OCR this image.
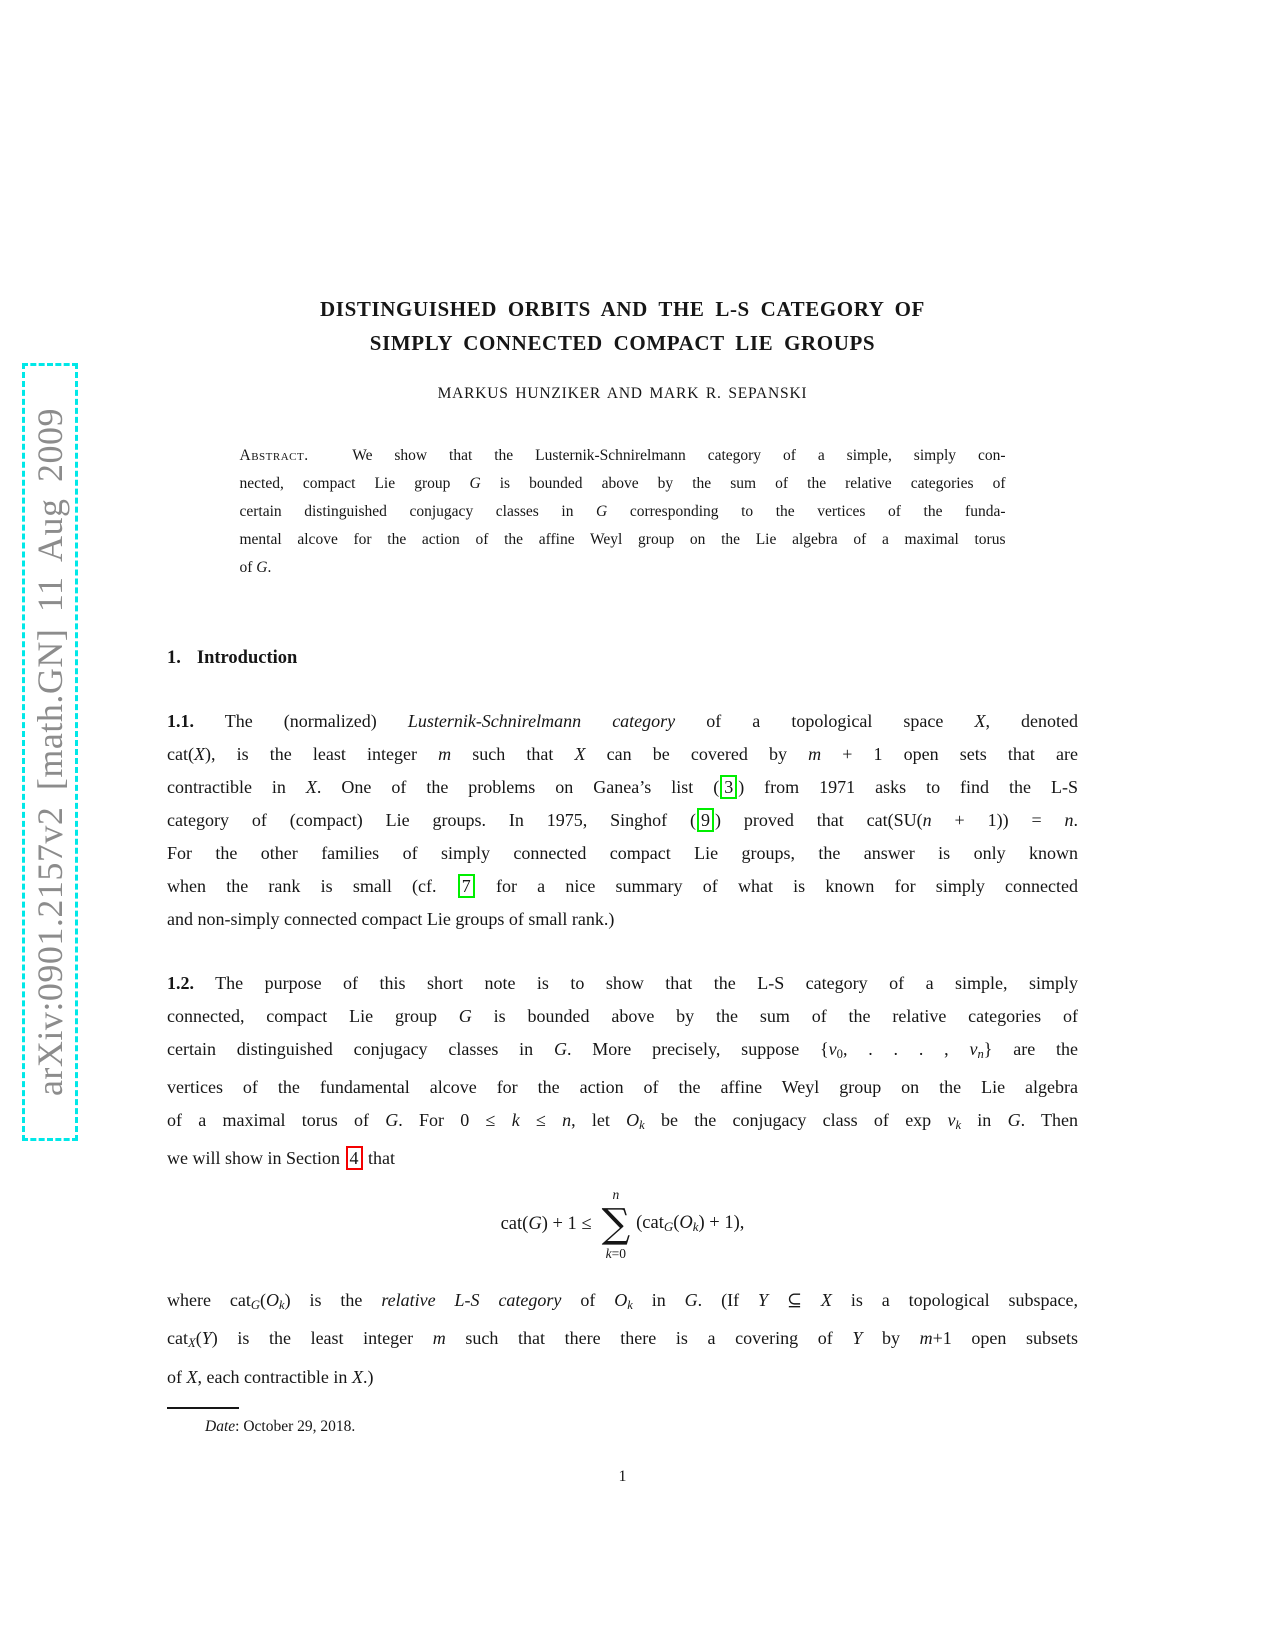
arXiv:0901.2157v2 [math.GN] 11 Aug 2009
DISTINGUISHED ORBITS AND THE L-S CATEGORY OF
SIMPLY CONNECTED COMPACT LIE GROUPS
MARKUS HUNZIKER AND MARK R. SEPANSKI
Abstract.  We show that the Lusternik-Schnirelmann category of a simple, simply con-
nected, compact Lie group G is bounded above by the sum of the relative categories of
certain distinguished conjugacy classes in G corresponding to the vertices of the funda-
mental alcove for the action of the affine Weyl group on the Lie algebra of a maximal torus
of G.
1. Introduction
1.1. The (normalized) Lusternik-Schnirelmann category of a topological space X, denoted
cat(X), is the least integer m such that X can be covered by m + 1 open sets that are
contractible in X. One of the problems on Ganea’s list ( 3 ) from 1971 asks to find the L-S
category of (compact) Lie groups. In 1975, Singhof ( 9 ) proved that cat(SU(n + 1)) = n.
For the other families of simply connected compact Lie groups, the answer is only known
when the rank is small (cf. 7 for a nice summary of what is known for simply connected
and non-simply connected compact Lie groups of small rank.)
1.2. The purpose of this short note is to show that the L-S category of a simple, simply
connected, compact Lie group G is bounded above by the sum of the relative categories of
certain distinguished conjugacy classes in G. More precisely, suppose {v0, . . . , vn} are the
vertices of the fundamental alcove for the action of the affine Weyl group on the Lie algebra
of a maximal torus of G. For 0 ≤ k ≤ n, let Ok be the conjugacy class of exp vk in G. Then
we will show in Section 4 that
cat(G) + 1 ≤
n
∑
k=0
(catG(Ok) + 1),
where catG(Ok) is the relative L-S category of Ok in G. (If Y ⊆ X is a topological subspace,
catX(Y) is the least integer m such that there there is a covering of Y by m+1 open subsets
of X, each contractible in X.)
Date: October 29, 2018.
1
